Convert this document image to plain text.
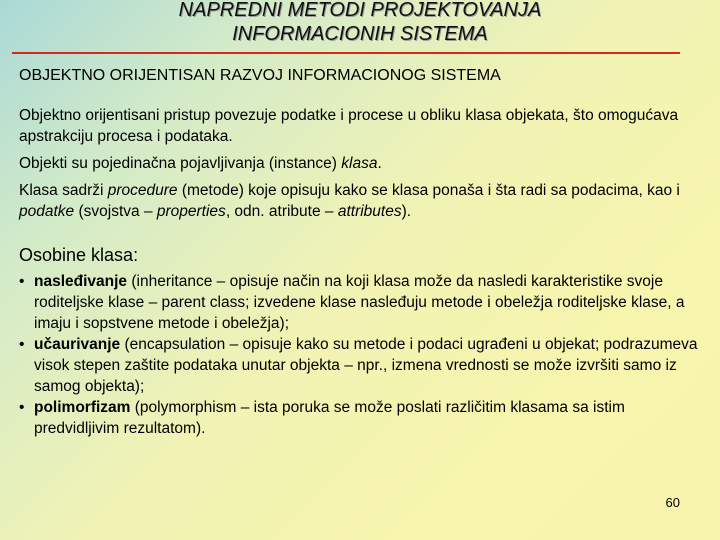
NAPREDNI METODI PROJEKTOVANJA
INFORMACIONIH SISTEMA
OBJEKTNO ORIJENTISAN RAZVOJ INFORMACIONOG SISTEMA

Objektno orijentisani pristup povezuje podatke i procese u obliku klasa objekata, što omogućava apstrakciju procesa i podataka.

Objekti su pojedinačna pojavljivanja (instance) klasa.

Klasa sadrži procedure (metode) koje opisuju kako se klasa ponaša i šta radi sa podacima, kao i podatke (svojstva – properties, odn. atribute – attributes).

Osobine klasa:
• nasleđivanje (inheritance – opisuje način na koji klasa može da nasledi karakteristike svoje roditeljske klase – parent class; izvedene klase nasleđuju metode i obeležja roditeljske klase, a imaju i sopstvene metode i obeležja);
• učaurivanje (encapsulation – opisuje kako su metode i podaci ugrađeni u objekat; podrazumeva visok stepen zaštite podataka unutar objekta – npr., izmena vrednosti se može izvršiti samo iz samog objekta);
• polimorfizam (polymorphism – ista poruka se može poslati različitim klasama sa istim predvidljivim rezultatom).
60
